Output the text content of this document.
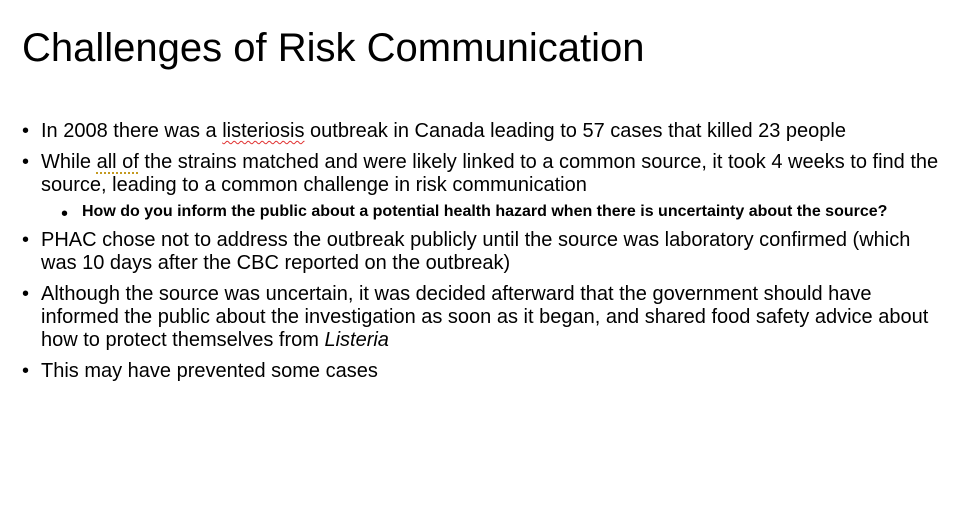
Challenges of Risk Communication
• In 2008 there was a listeriosis outbreak in Canada leading to 57 cases that killed 23 people
• While all of the strains matched and were likely linked to a common source, it took 4 weeks to find the source, leading to a common challenge in risk communication
• How do you inform the public about a potential health hazard when there is uncertainty about the source?
• PHAC chose not to address the outbreak publicly until the source was laboratory confirmed (which was 10 days after the CBC reported on the outbreak)
• Although the source was uncertain, it was decided afterward that the government should have informed the public about the investigation as soon as it began, and shared food safety advice about how to protect themselves from Listeria
• This may have prevented some cases
